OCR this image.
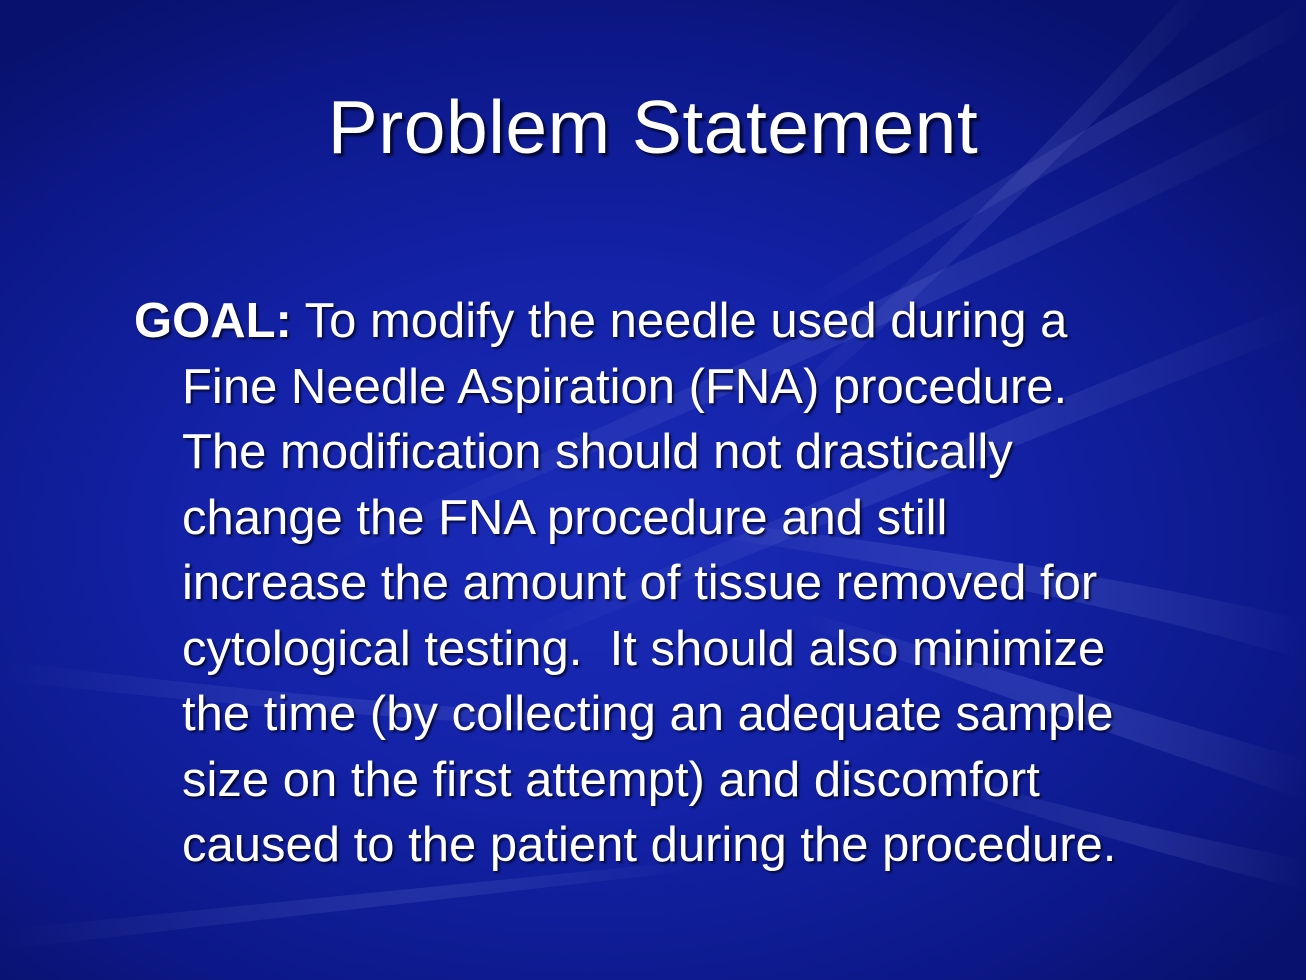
Problem Statement
GOAL: To modify the needle used during a
Fine Needle Aspiration (FNA) procedure.
The modification should not drastically
change the FNA procedure and still
increase the amount of tissue removed for
cytological testing.  It should also minimize
the time (by collecting an adequate sample
size on the first attempt) and discomfort
caused to the patient during the procedure.
